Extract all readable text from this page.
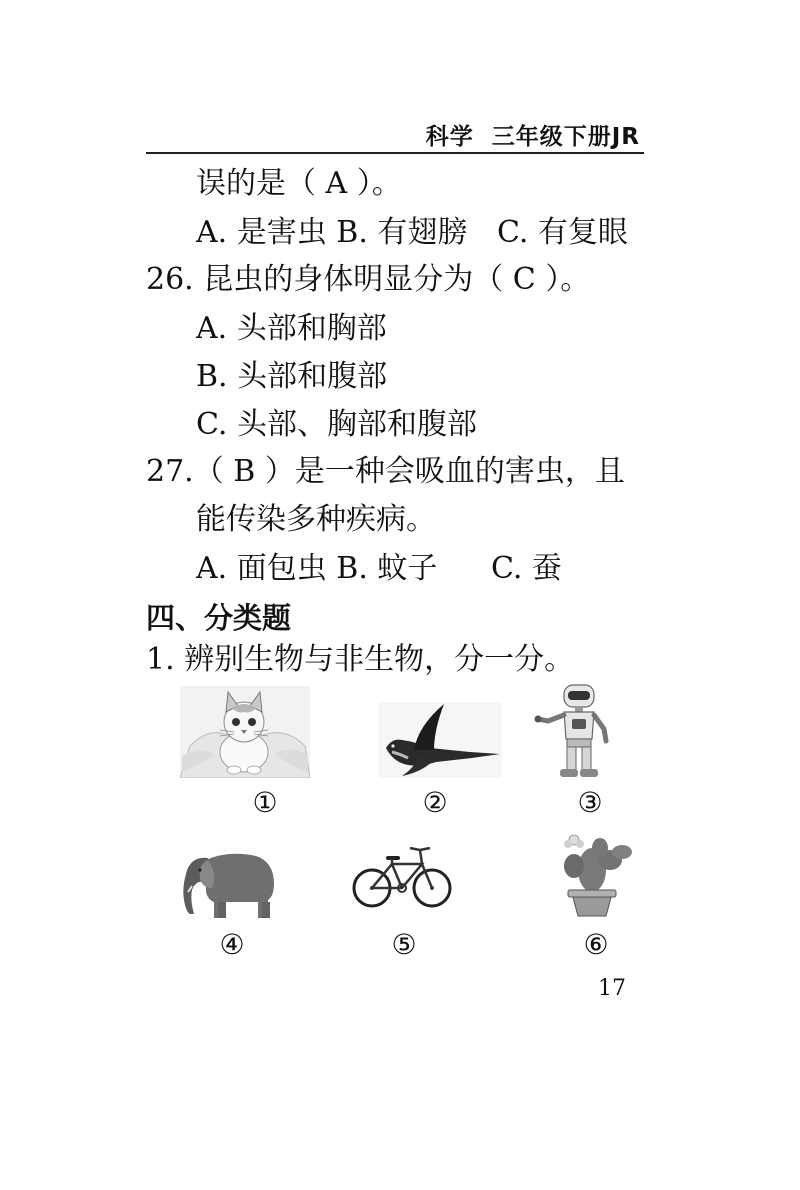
科学 三年级下册JR
误的是（ A ）。
A. 是害虫 B. 有翅膀 C. 有复眼
26. 昆虫的身体明显分为（ C ）。
A. 头部和胸部
B. 头部和腹部
C. 头部、胸部和腹部
27.（ B ）是一种会吸血的害虫，且
能传染多种疾病。
A. 面包虫 B. 蚊子 C. 蚕
四、分类题
1. 辨别生物与非生物，分一分。
①	②	③
④	⑤	⑥
17
